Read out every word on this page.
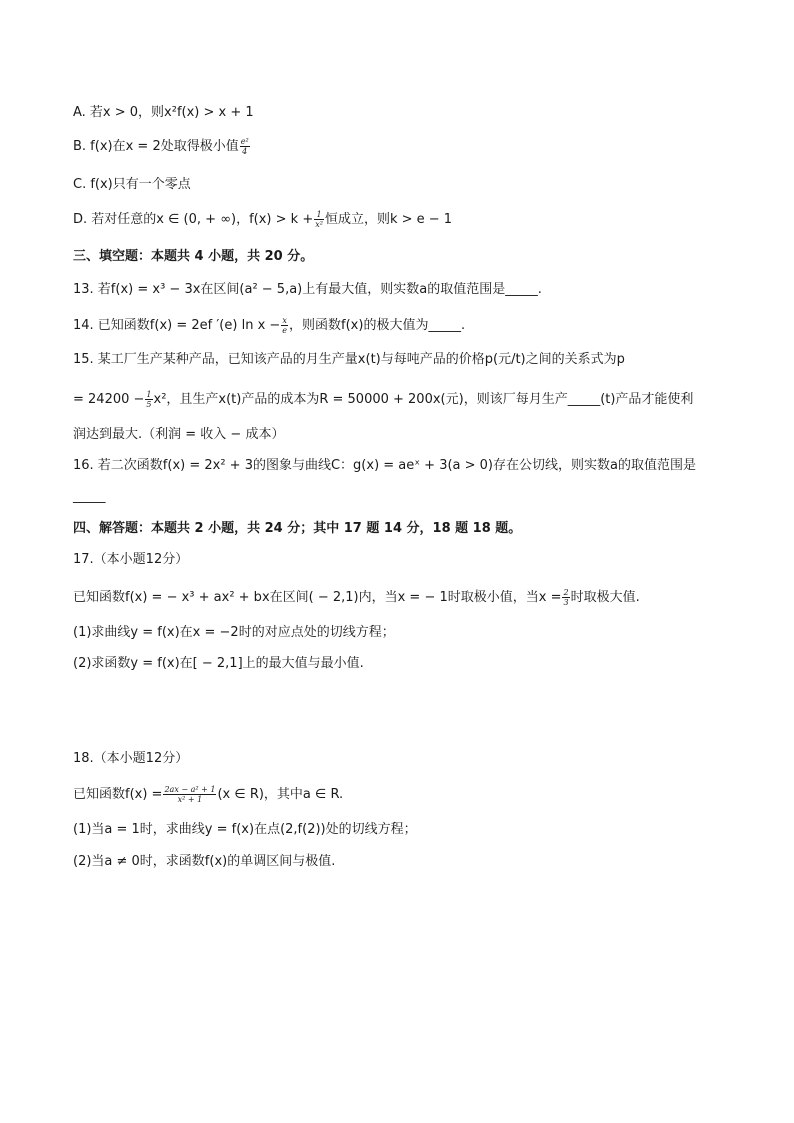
A. 若x > 0，则x²f(x) > x + 1
B. f(x)在x = 2处取得极小值 $\frac{\text{e²}}{4}$
C. f(x)只有一个零点
D. 若对任意的x ∈ (0, + ∞)，$f(x) > k + \frac{1}{\text{x²}}$ 恒成立，则k > e − 1
三、填空题：本题共 4 小题，共 20 分。
13. 若f(x) = x³ − 3x在区间(a² − 5,a)上有最大值，则实数a的取值范围是_____.
14. 已知函数f(x) = 2ef ′(e) $\ln x - \frac{x}{e}$ ，则函数f(x)的极大值为_____.
15. 某工厂生产某种产品，已知该产品的月生产量x(t)与每吨产品的价格p(元/t)之间的关系式为p
= $24200 - \frac{1}{5} x^2$，且生产x(t)产品的成本为R = 50000 + 200x(元)，则该厂每月生产_____(t)产品才能使利
润达到最大.（利润 = 收入 − 成本）
16. 若二次函数f(x) = 2x² + 3的图象与曲线C：g(x) = aeˣ + 3(a > 0)存在公切线，则实数a的取值范围是
_____
四、解答题：本题共 2 小题，共 24 分；其中 17 题 14 分，18 题 18 题。
17.（本小题12分）
已知函数f(x) = − x³ + ax² + bx在区间( − 2,1)内，当x = − 1时取极小值，当$x = \frac{2}{3}$ 时取极大值.
(1)求曲线y = f(x)在x = −2时的对应点处的切线方程；
(2)求函数y = f(x)在[ − 2,1]上的最大值与最小值.
18.（本小题12分）
已知函数$f(x) = \frac{\text{2ax − a² + 1}}{\text{x² + 1}} (x$ ∈ R)，其中a ∈ R.
(1)当a = 1时，求曲线y = f(x)在点(2,f(2))处的切线方程；
(2)当a ≠ 0时，求函数f(x)的单调区间与极值.
